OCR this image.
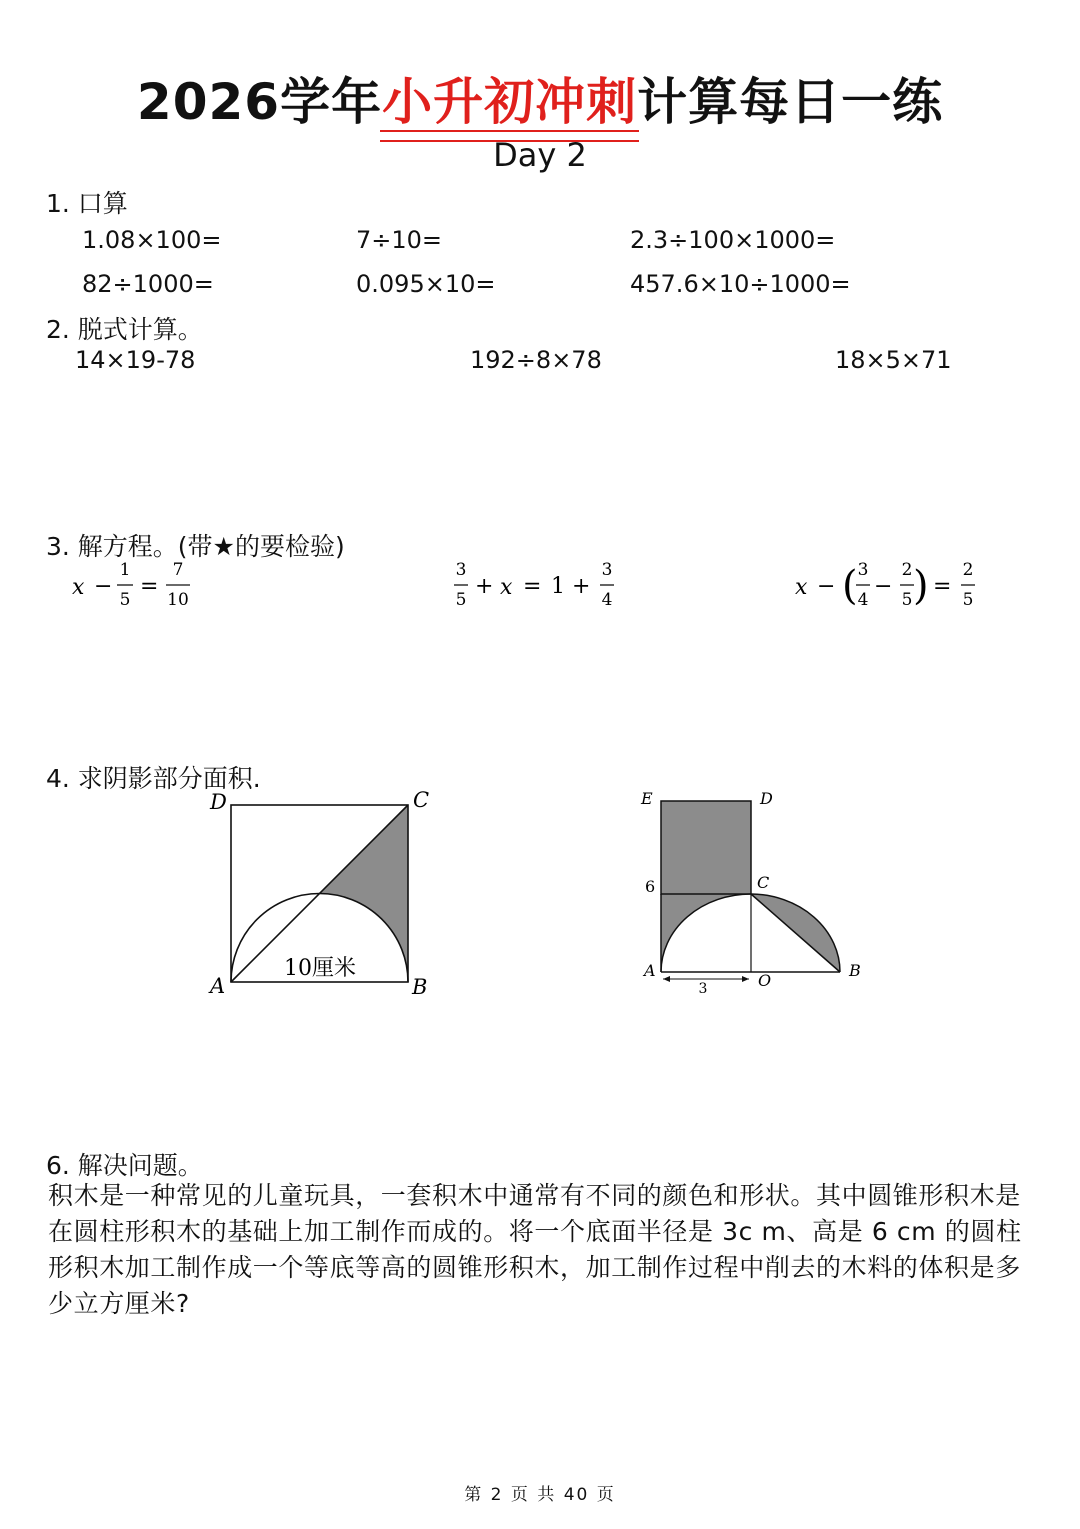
2026学年小升初冲刺计算每日一练
Day 2
1. 口算
1.08×100=	7÷10=	2.3÷100×1000=
82÷1000=	0.095×10=	457.6×10÷1000=
2. 脱式计算。
14×19-78	192÷8×78	18×5×71
3. 解方程。(带★的要检验)
x −
1
5
=
7
10
3
5
+ x = 1 +
3
4	x − ( 3
4
−
2
5 ) =
2
5
4. 求阴影部分面积.
D	C
A	B
10厘米
E	D
C
A
O
B
6
3
6. 解决问题。
积木是一种常见的儿童玩具，一套积木中通常有不同的颜色和形状。其中圆锥形积木是在圆柱形积木的基础上加工制作而成的。将一个底面半径是 3c m、高是 6 cm 的圆柱形积木加工制作成一个等底等高的圆锥形积木，加工制作过程中削去的木料的体积是多少立方厘米?
第 2 页 共 40 页
